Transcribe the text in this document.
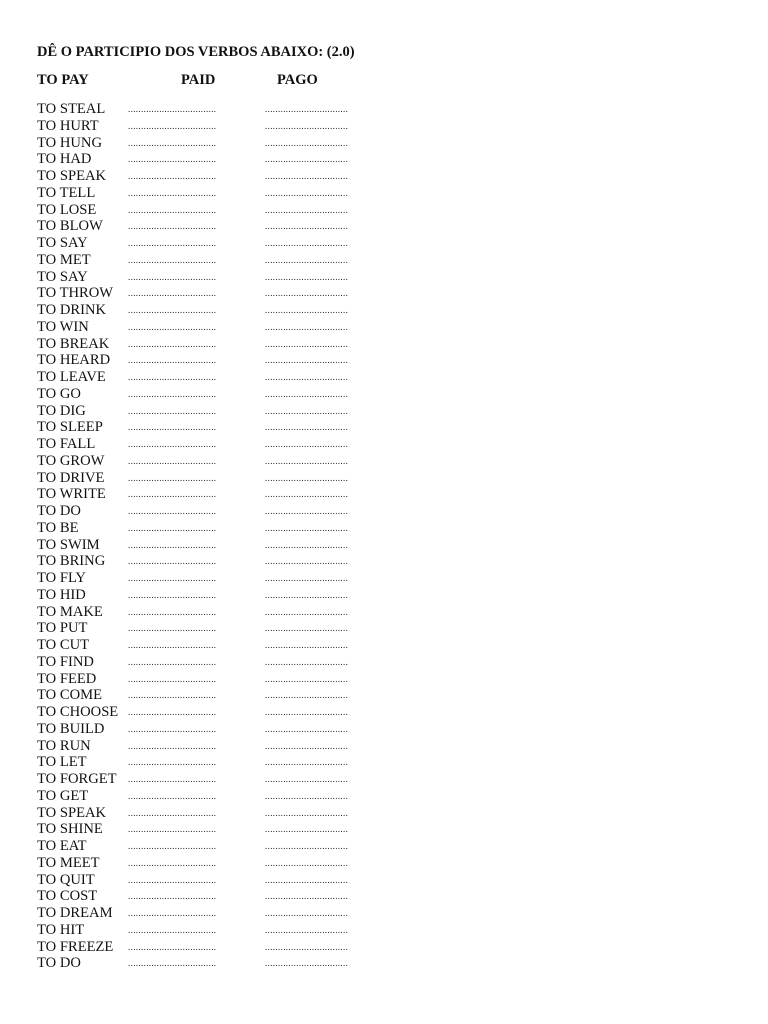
DÊ O PARTICIPIO DOS VERBOS ABAIXO: (2.0)
TO PAY	PAID	PAGO
TO STEAL	..................................	................................
TO HURT	..................................	................................
TO HUNG	..................................	................................
TO HAD	..................................	................................
TO SPEAK ..................................	................................
TO TELL	..................................	................................
TO LOSE	..................................	................................
TO BLOW	..................................	................................
TO SAY	..................................	................................
TO MET	..................................	................................
TO SAY	..................................	................................
TO THROW ..................................	................................
TO DRINK ..................................	................................
TO WIN	..................................	................................
TO BREAK ..................................	................................
TO HEARD ..................................	................................
TO LEAVE ..................................	................................
TO GO	..................................	................................
TO DIG	..................................	................................
TO SLEEP	..................................	................................
TO FALL	..................................	................................
TO GROW	..................................	................................
TO DRIVE	..................................	................................
TO WRITE ..................................	................................
TO DO	..................................	................................
TO BE	..................................	................................
TO SWIM	..................................	................................
TO BRING	..................................	................................
TO FLY	..................................	................................
TO HID	..................................	................................
TO MAKE	..................................	................................
TO PUT	..................................	................................
TO CUT	..................................	................................
TO FIND	..................................	................................
TO FEED	..................................	................................
TO COME	..................................	................................
TO CHOOSE ..................................	................................
TO BUILD	..................................	................................
TO RUN	..................................	................................
TO LET	..................................	................................
TO FORGET ..................................	................................
TO GET	..................................	................................
TO SPEAK ..................................	................................
TO SHINE	..................................	................................
TO EAT	..................................	................................
TO MEET	..................................	................................
TO QUIT	..................................	................................
TO COST	..................................	................................
TO DREAM ..................................	................................
TO HIT	..................................	................................
TO FREEZE ..................................	................................
TO DO	..................................	................................
